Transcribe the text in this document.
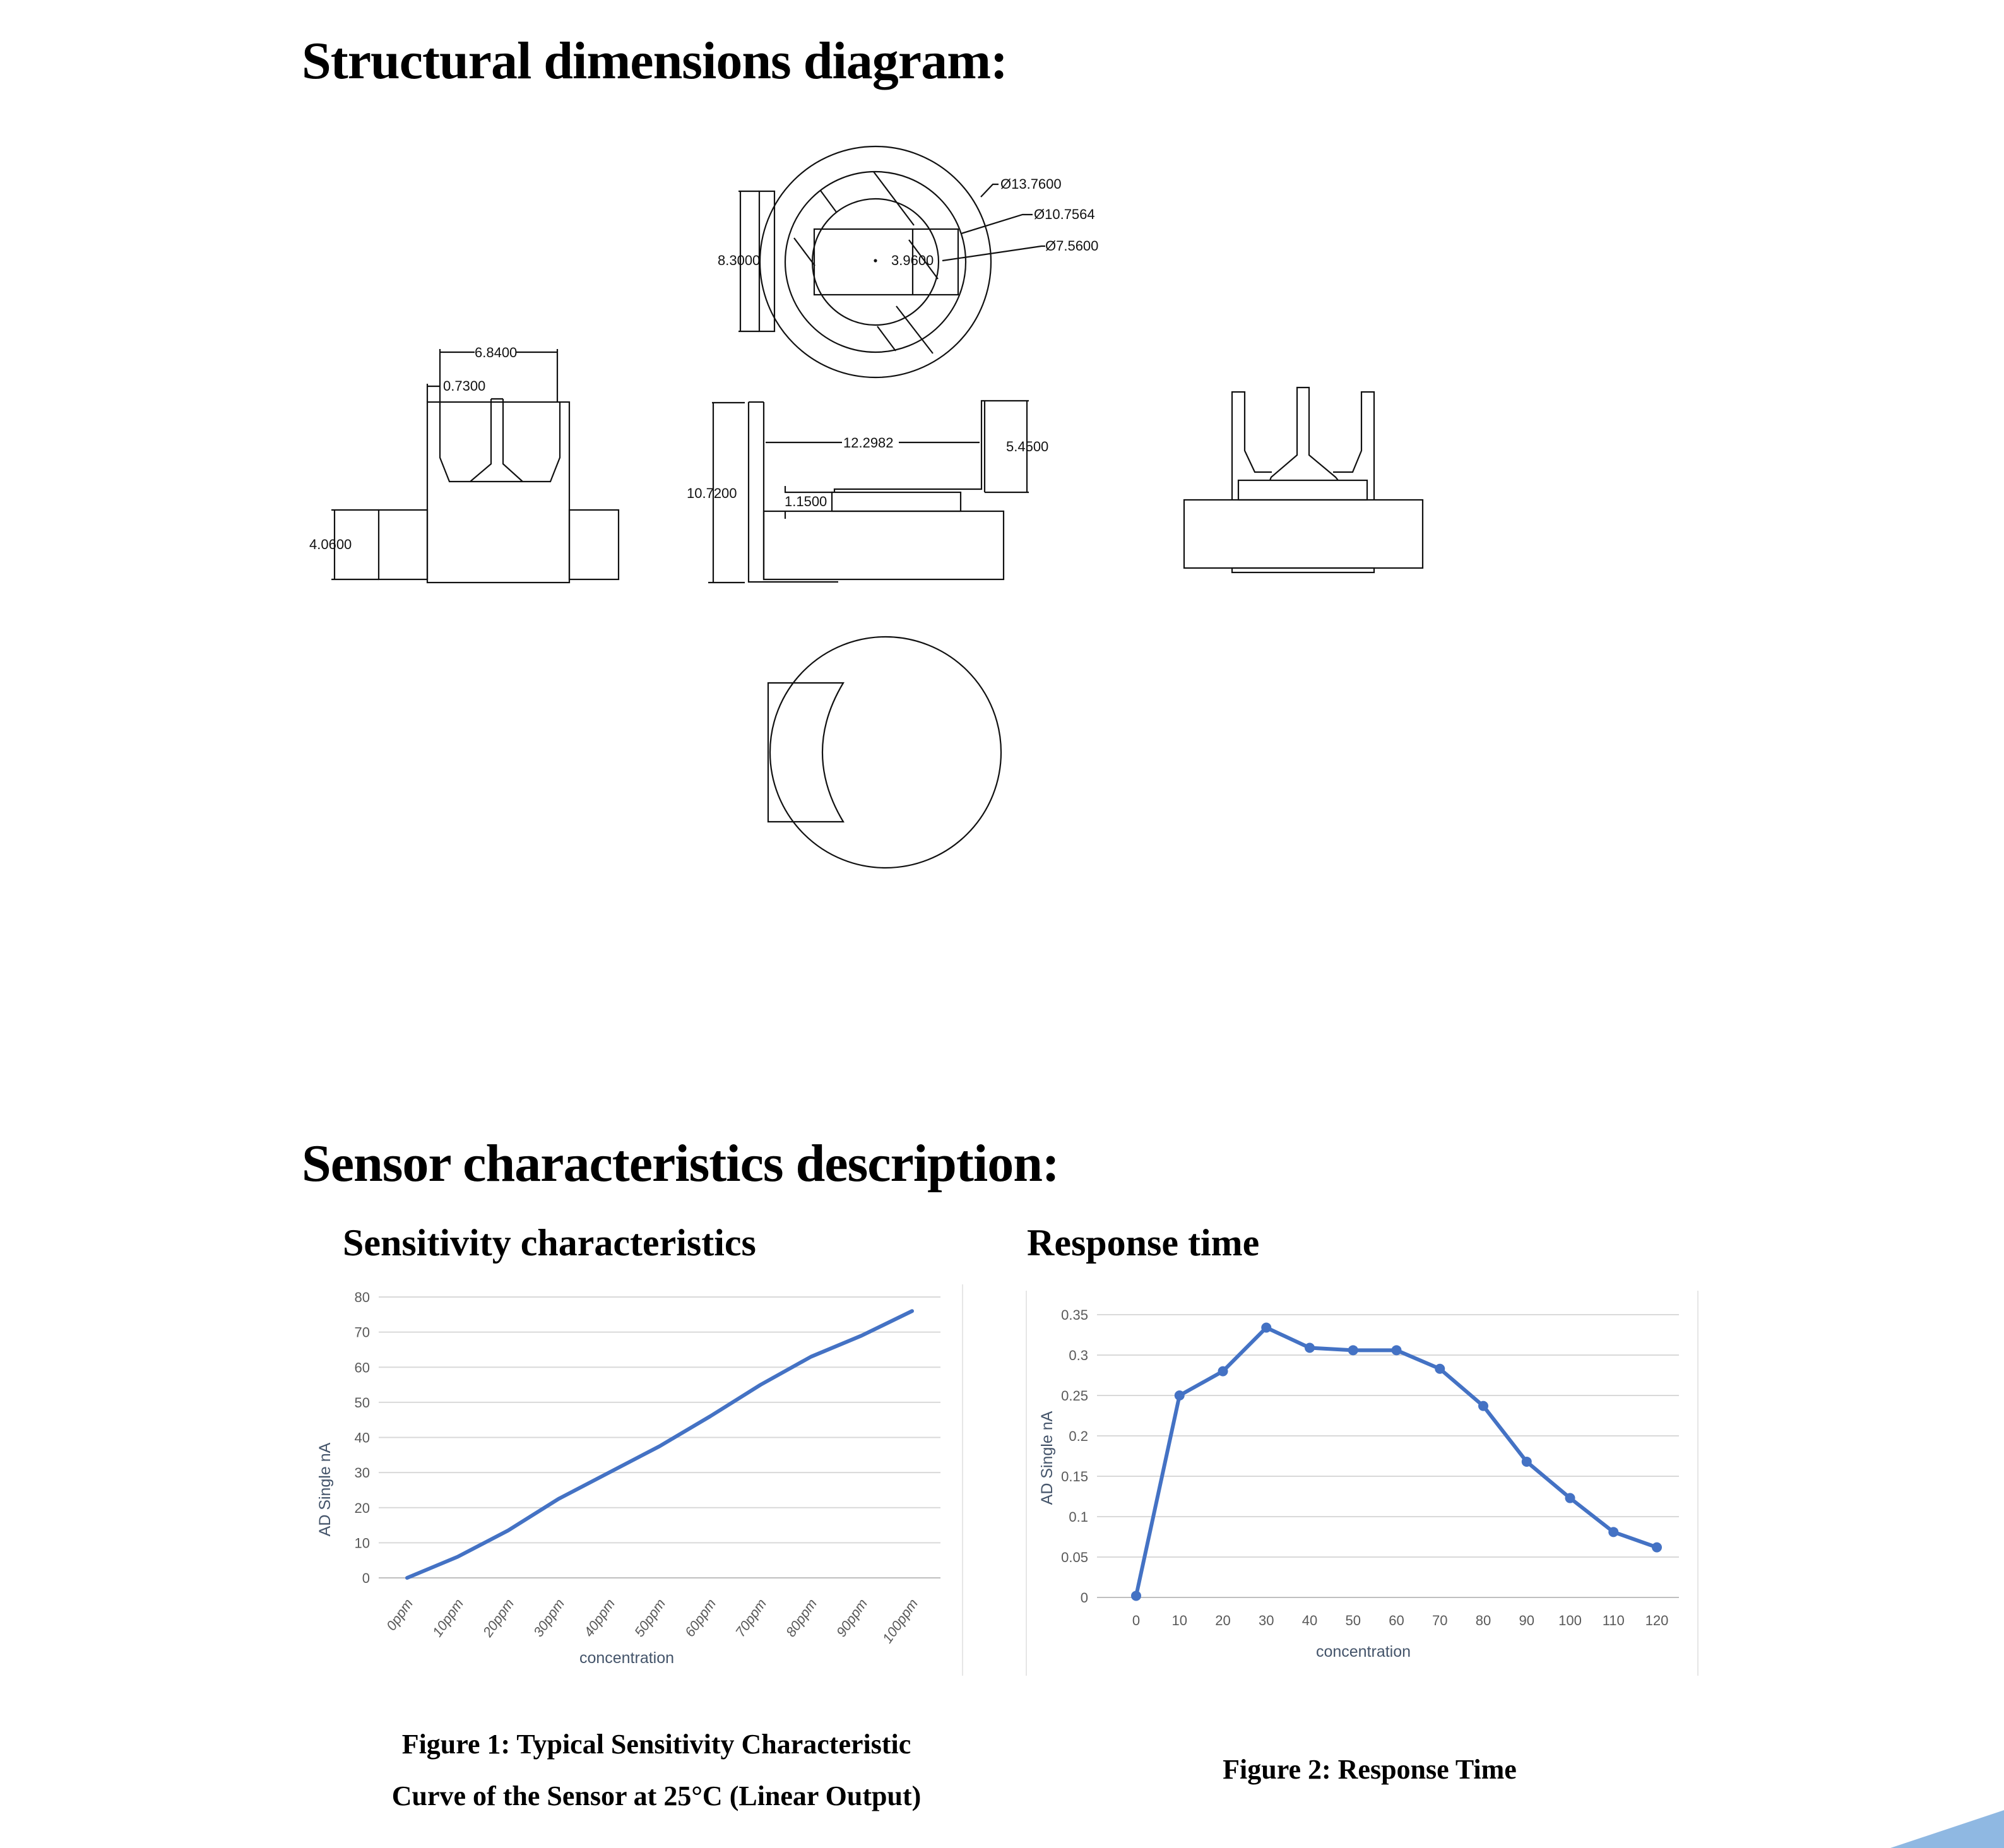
Structural dimensions diagram:
Ø13.7600
Ø10.7564
Ø7.5600
8.3000	3.9600
6.8400
0.7300
4.0600
10.7200
12.2982
1.1500
5.4500
Sensor characteristics description:
Sensitivity characteristics	Response time
0
10
20
30
40
50
60
70
80
0ppm 10ppm 20ppm 30ppm 40ppm 50ppm 60ppm 70ppm 80ppm 90ppm 100ppm
AD Single nA
concentration
0
0.05
0.1
0.15
0.2
0.25
0.3
0.35
0 10 20 30 40 50 60 70 80 90 100 110 120
AD Single nA
concentration
Figure 1: Typical Sensitivity Characteristic
Curve of the Sensor at 25°C (Linear Output)
Figure 2: Response Time
